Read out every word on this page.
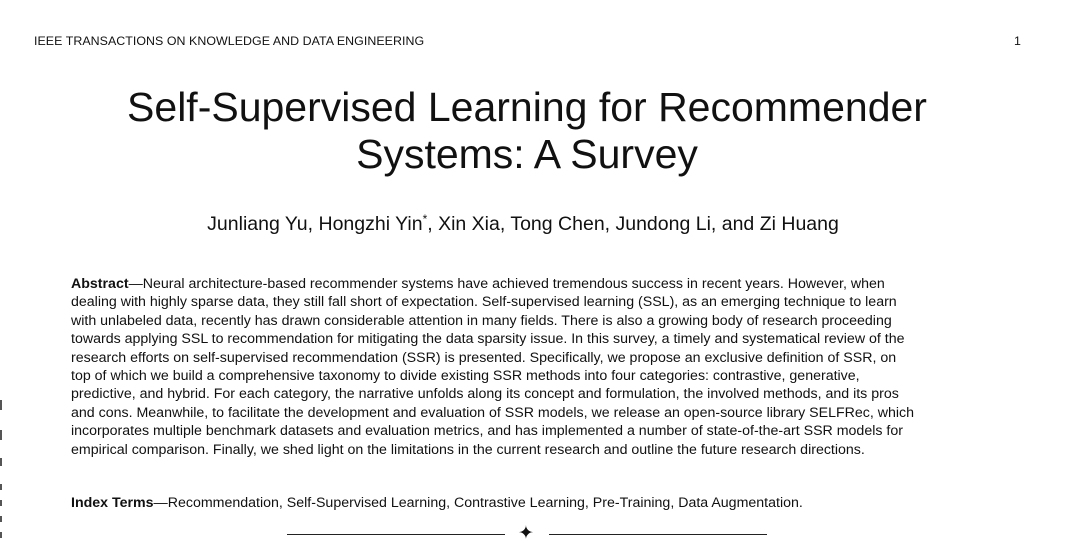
IEEE TRANSACTIONS ON KNOWLEDGE AND DATA ENGINEERING	1
Self-Supervised Learning for Recommender
Systems: A Survey
Junliang Yu, Hongzhi Yin*, Xin Xia, Tong Chen, Jundong Li, and Zi Huang
Abstract—Neural architecture-based recommender systems have achieved tremendous success in recent years. However, when
dealing with highly sparse data, they still fall short of expectation. Self-supervised learning (SSL), as an emerging technique to learn
with unlabeled data, recently has drawn considerable attention in many fields. There is also a growing body of research proceeding
towards applying SSL to recommendation for mitigating the data sparsity issue. In this survey, a timely and systematical review of the
research efforts on self-supervised recommendation (SSR) is presented. Specifically, we propose an exclusive definition of SSR, on
top of which we build a comprehensive taxonomy to divide existing SSR methods into four categories: contrastive, generative,
predictive, and hybrid. For each category, the narrative unfolds along its concept and formulation, the involved methods, and its pros
and cons. Meanwhile, to facilitate the development and evaluation of SSR models, we release an open-source library SELFRec, which
incorporates multiple benchmark datasets and evaluation metrics, and has implemented a number of state-of-the-art SSR models for
empirical comparison. Finally, we shed light on the limitations in the current research and outline the future research directions.
Index Terms—Recommendation, Self-Supervised Learning, Contrastive Learning, Pre-Training, Data Augmentation.
✦
